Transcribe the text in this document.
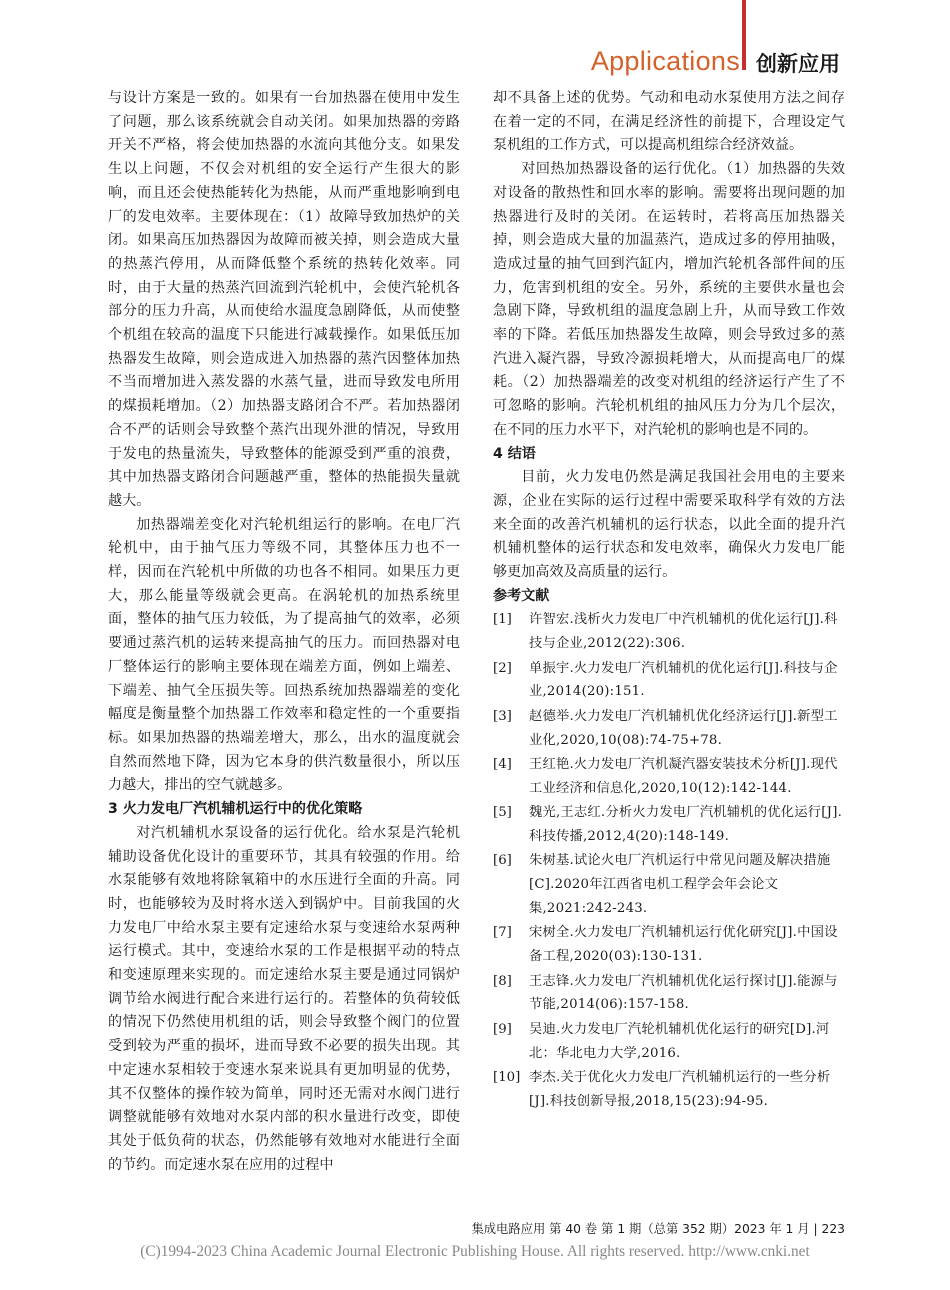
Applications 创新应用

与设计方案是一致的。如果有一台加热器在使用中发生了问题，那么该系统就会自动关闭。如果加热器的旁路开关不严格，将会使加热器的水流向其他分支。如果发生以上问题，不仅会对机组的安全运行产生很大的影响，而且还会使热能转化为热能，从而严重地影响到电厂的发电效率。主要体现在：（1）故障导致加热炉的关闭。如果高压加热器因为故障而被关掉，则会造成大量的热蒸汽停用，从而降低整个系统的热转化效率。同时，由于大量的热蒸汽回流到汽轮机中，会使汽轮机各部分的压力升高，从而使给水温度急剧降低，从而使整个机组在较高的温度下只能进行减载操作。如果低压加热器发生故障，则会造成进入加热器的蒸汽因整体加热不当而增加进入蒸发器的水蒸气量，进而导致发电所用的煤损耗增加。（2）加热器支路闭合不严。若加热器闭合不严的话则会导致整个蒸汽出现外泄的情况，导致用于发电的热量流失，导致整体的能源受到严重的浪费，其中加热器支路闭合问题越严重，整体的热能损失量就越大。

加热器端差变化对汽轮机组运行的影响。在电厂汽轮机中，由于抽气压力等级不同，其整体压力也不一样，因而在汽轮机中所做的功也各不相同。如果压力更大，那么能量等级就会更高。在涡轮机的加热系统里面，整体的抽气压力较低，为了提高抽气的效率，必须要通过蒸汽机的运转来提高抽气的压力。而回热器对电厂整体运行的影响主要体现在端差方面，例如上端差、下端差、抽气全压损失等。回热系统加热器端差的变化幅度是衡量整个加热器工作效率和稳定性的一个重要指标。如果加热器的热端差增大，那么，出水的温度就会自然而然地下降，因为它本身的供汽数量很小，所以压力越大，排出的空气就越多。

3 火力发电厂汽机辅机运行中的优化策略

对汽机辅机水泵设备的运行优化。给水泵是汽轮机辅助设备优化设计的重要环节，其具有较强的作用。给水泵能够有效地将除氧箱中的水压进行全面的升高。同时，也能够较为及时将水送入到锅炉中。目前我国的火力发电厂中给水泵主要有定速给水泵与变速给水泵两种运行模式。其中，变速给水泵的工作是根据平动的特点和变速原理来实现的。而定速给水泵主要是通过同锅炉调节给水阀进行配合来进行运行的。若整体的负荷较低的情况下仍然使用机组的话，则会导致整个阀门的位置受到较为严重的损坏，进而导致不必要的损失出现。其中定速水泵相较于变速水泵来说具有更加明显的优势，其不仅整体的操作较为简单，同时还无需对水阀门进行调整就能够有效地对水泵内部的积水量进行改变，即使其处于低负荷的状态，仍然能够有效地对水能进行全面的节约。而定速水泵在应用的过程中

却不具备上述的优势。气动和电动水泵使用方法之间存在着一定的不同，在满足经济性的前提下，合理设定气泵机组的工作方式，可以提高机组综合经济效益。

对回热加热器设备的运行优化。（1）加热器的失效对设备的散热性和回水率的影响。需要将出现问题的加热器进行及时的关闭。在运转时，若将高压加热器关掉，则会造成大量的加温蒸汽，造成过多的停用抽吸，造成过量的抽气回到汽缸内，增加汽轮机各部件间的压力，危害到机组的安全。另外，系统的主要供水量也会急剧下降，导致机组的温度急剧上升，从而导致工作效率的下降。若低压加热器发生故障，则会导致过多的蒸汽进入凝汽器，导致冷源损耗增大，从而提高电厂的煤耗。（2）加热器端差的改变对机组的经济运行产生了不可忽略的影响。汽轮机机组的抽风压力分为几个层次，在不同的压力水平下，对汽轮机的影响也是不同的。

4 结语

目前，火力发电仍然是满足我国社会用电的主要来源，企业在实际的运行过程中需要采取科学有效的方法来全面的改善汽机辅机的运行状态，以此全面的提升汽机辅机整体的运行状态和发电效率，确保火力发电厂能够更加高效及高质量的运行。

参考文献
[1]	许智宏.浅析火力发电厂中汽机辅机的优化运行[J].科技与企业,2012(22):306.
[2]	单振宇.火力发电厂汽机辅机的优化运行[J].科技与企业,2014(20):151.
[3]	赵德举.火力发电厂汽机辅机优化经济运行[J].新型工业化,2020,10(08):74-75+78.
[4]	王红艳.火力发电厂汽机凝汽器安装技术分析[J].现代工业经济和信息化,2020,10(12):142-144.
[5]	魏光,王志红.分析火力发电厂汽机辅机的优化运行[J].科技传播,2012,4(20):148-149.
[6]	朱树基.试论火电厂汽机运行中常见问题及解决措施[C].2020年江西省电机工程学会年会论文集,2021:242-243.
[7]	宋树全.火力发电厂汽机辅机运行优化研究[J].中国设备工程,2020(03):130-131.
[8]	王志锋.火力发电厂汽机辅机优化运行探讨[J].能源与节能,2014(06):157-158.
[9]	吴迪.火力发电厂汽轮机辅机优化运行的研究[D].河北：华北电力大学,2016.
[10] 李杰.关于优化火力发电厂汽机辅机运行的一些分析[J].科技创新导报,2018,15(23):94-95.
集成电路应用 第 40 卷 第 1 期（总第 352 期）2023 年 1 月 | 223
(C)1994-2023 China Academic Journal Electronic Publishing House. All rights reserved. http://www.cnki.net
